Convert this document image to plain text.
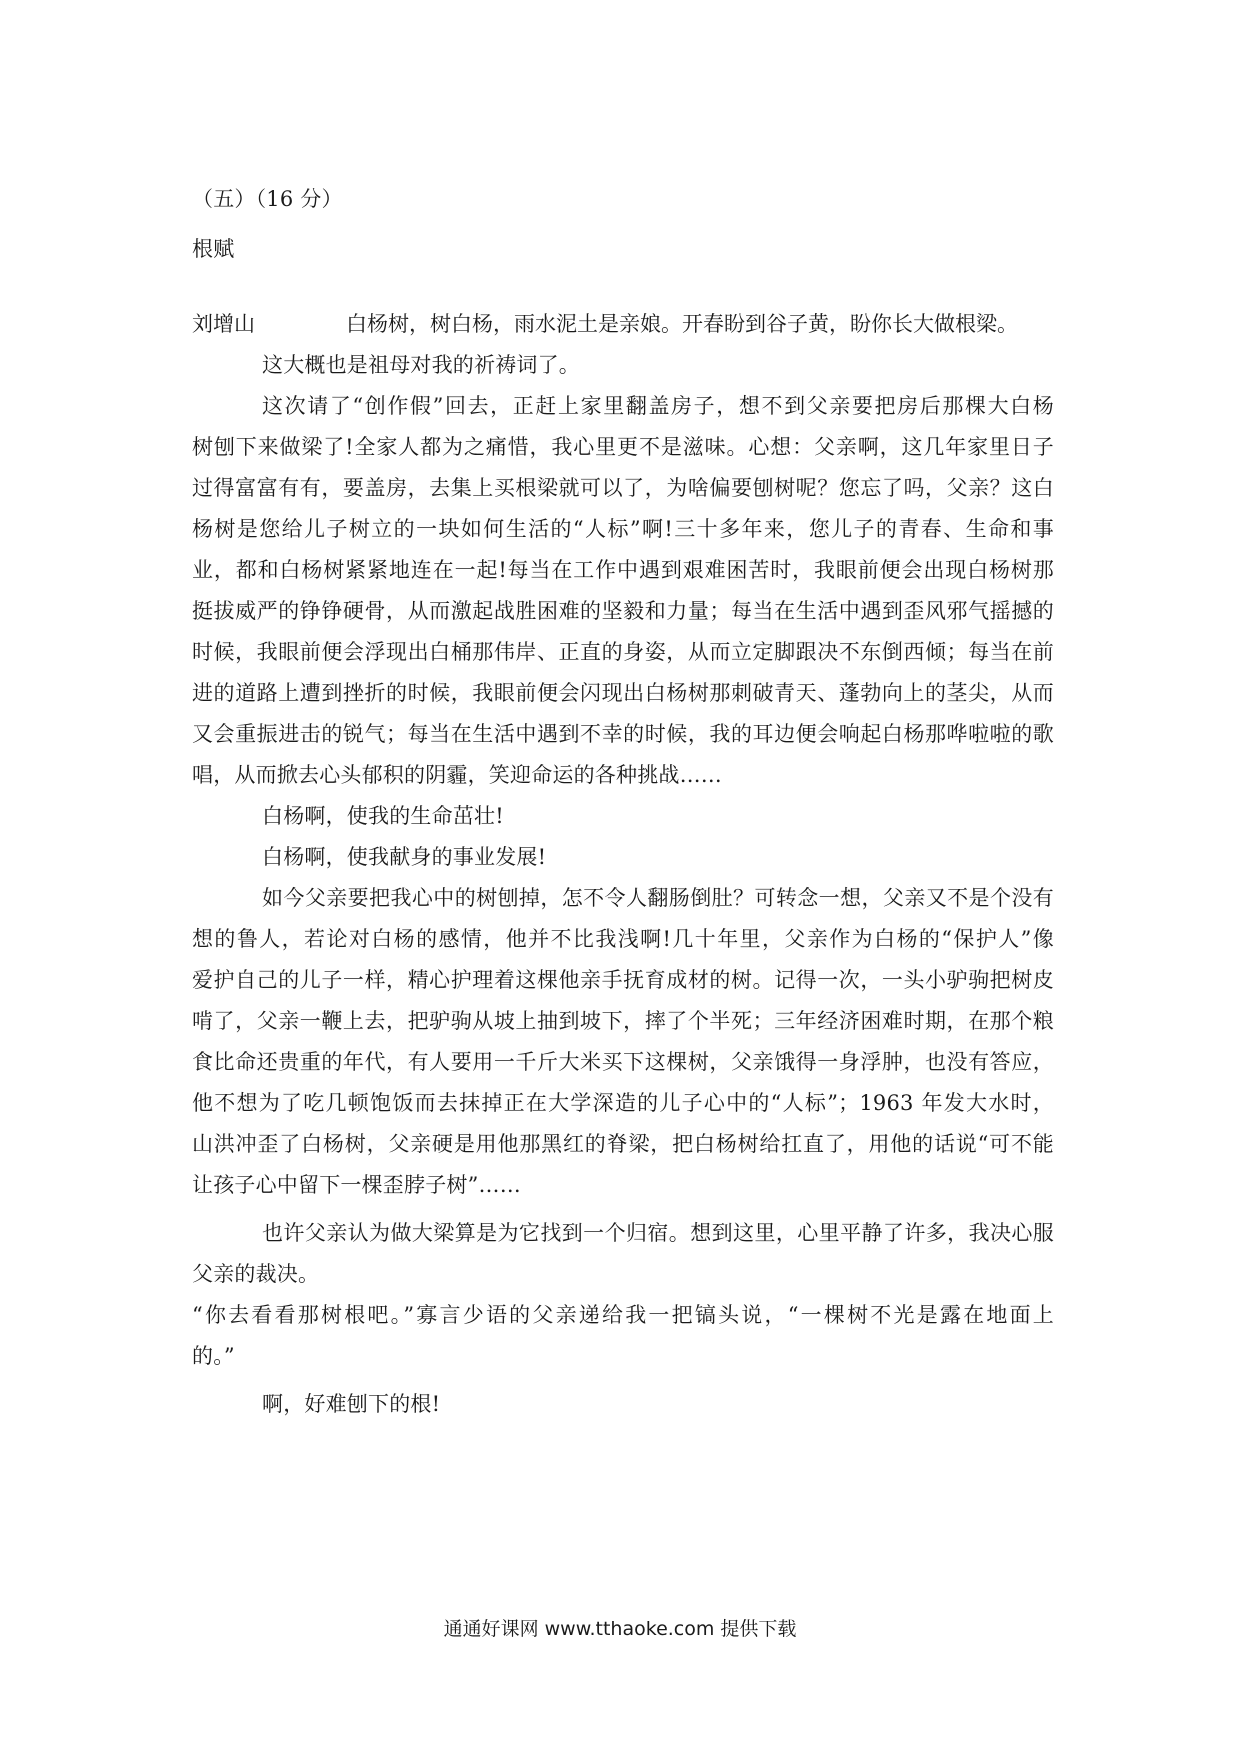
（五）（16 分）
根赋
刘增山	白杨树，树白杨，雨水泥土是亲娘。开春盼到谷子黄，盼你长大做根梁。
这大概也是祖母对我的祈祷词了。
这次请了“创作假”回去，正赶上家里翻盖房子，想不到父亲要把房后那棵大白杨
树刨下来做梁了!全家人都为之痛惜，我心里更不是滋味。心想：父亲啊，这几年家里日子
过得富富有有，要盖房，去集上买根梁就可以了，为啥偏要刨树呢？您忘了吗，父亲？这白
杨树是您给儿子树立的一块如何生活的“人标”啊!三十多年来，您儿子的青春、生命和事
业，都和白杨树紧紧地连在一起!每当在工作中遇到艰难困苦时，我眼前便会出现白杨树那
挺拔威严的铮铮硬骨，从而激起战胜困难的坚毅和力量；每当在生活中遇到歪风邪气摇撼的
时候，我眼前便会浮现出白桶那伟岸、正直的身姿，从而立定脚跟决不东倒西倾；每当在前
进的道路上遭到挫折的时候，我眼前便会闪现出白杨树那刺破青天、蓬勃向上的茎尖，从而
又会重振进击的锐气；每当在生活中遇到不幸的时候，我的耳边便会响起白杨那哗啦啦的歌
唱，从而掀去心头郁积的阴霾，笑迎命运的各种挑战……
白杨啊，使我的生命茁壮!
白杨啊，使我献身的事业发展!
如今父亲要把我心中的树刨掉，怎不令人翻肠倒肚？可转念一想，父亲又不是个没有
想的鲁人，若论对白杨的感情，他并不比我浅啊!几十年里，父亲作为白杨的“保护人”像
爱护自己的儿子一样，精心护理着这棵他亲手抚育成材的树。记得一次，一头小驴驹把树皮
啃了，父亲一鞭上去，把驴驹从坡上抽到坡下，摔了个半死；三年经济困难时期，在那个粮
食比命还贵重的年代，有人要用一千斤大米买下这棵树，父亲饿得一身浮肿，也没有答应，
他不想为了吃几顿饱饭而去抹掉正在大学深造的儿子心中的“人标”；1963 年发大水时，
山洪冲歪了白杨树，父亲硬是用他那黑红的脊梁，把白杨树给扛直了，用他的话说“可不能
让孩子心中留下一棵歪脖子树”……
也许父亲认为做大梁算是为它找到一个归宿。想到这里，心里平静了许多，我决心服
父亲的裁决。
“你去看看那树根吧。”寡言少语的父亲递给我一把镐头说，“一棵树不光是露在地面上
的。”
啊，好难刨下的根!
通通好课网 www.tthaoke.com 提供下载
